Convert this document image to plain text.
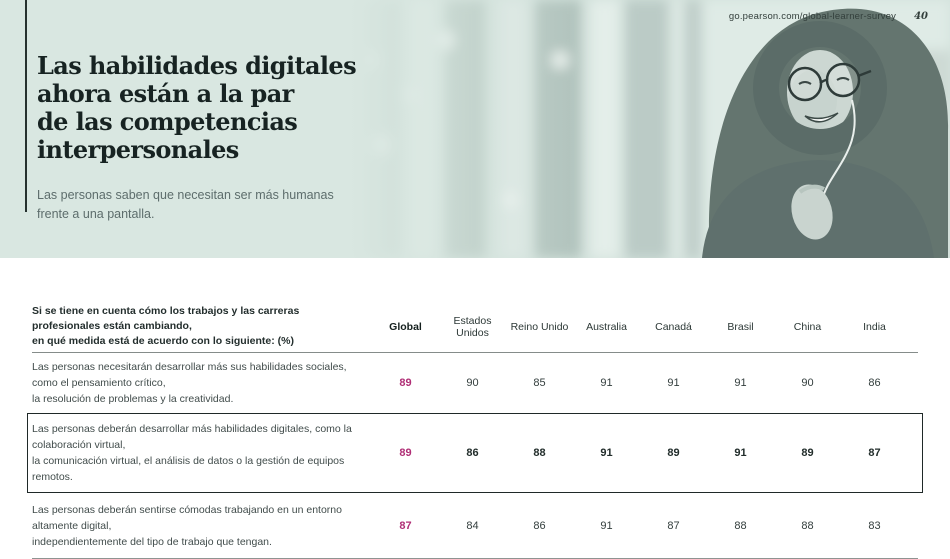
go.pearson.com/global-learner-survey 40
Las habilidades digitales
ahora están a la par
de las competencias
interpersonales

Las personas saben que necesitan ser más humanas
frente a una pantalla.

Si se tiene en cuenta cómo los trabajos y las carreras profesionales están cambiando,
en qué medida está de acuerdo con lo siguiente: (%)
Global	Estados Unidos	Reino Unido	Australia	Canadá	Brasil	China	India
Las personas necesitarán desarrollar más sus habilidades sociales, como el pensamiento crítico,
la resolución de problemas y la creatividad.
89	90	85	91	91	91	90	86
Las personas deberán desarrollar más habilidades digitales, como la colaboración virtual,
la comunicación virtual, el análisis de datos o la gestión de equipos remotos.
89	86	88	91	89	91	89	87
Las personas deberán sentirse cómodas trabajando en un entorno altamente digital,
independientemente del tipo de trabajo que tengan.
87	84	86	91	87	88	88	83
